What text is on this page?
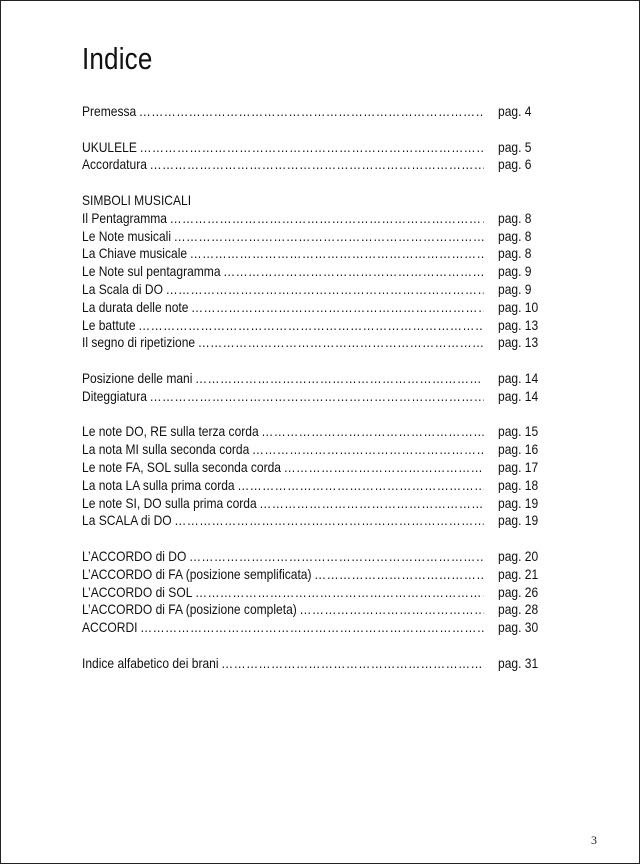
Indice
Premessa ……………………………………………………………………………………………………………………………	pag. 4
UKULELE ……………………………………………………………………………………………………………………………	pag. 5
Accordatura ……………………………………………………………………………………………………………………………	pag. 6
SIMBOLI MUSICALI
Il Pentagramma ……………………………………………………………………………………………………………………………	pag. 8
Le Note musicali ……………………………………………………………………………………………………………………………	pag. 8
La Chiave musicale ……………………………………………………………………………………………………………………………	pag. 8
Le Note sul pentagramma ……………………………………………………………………………………………………………………………	pag. 9
La Scala di DO ……………………………………………………………………………………………………………………………	pag. 9
La durata delle note ……………………………………………………………………………………………………………………………	pag. 10
Le battute ……………………………………………………………………………………………………………………………	pag. 13
Il segno di ripetizione ……………………………………………………………………………………………………………………………	pag. 13
Posizione delle mani ……………………………………………………………………………………………………………………………	pag. 14
Diteggiatura ……………………………………………………………………………………………………………………………	pag. 14
Le note DO, RE sulla terza corda ……………………………………………………………………………………………………………………………	pag. 15
La nota MI sulla seconda corda ……………………………………………………………………………………………………………………………	pag. 16
Le note FA, SOL sulla seconda corda ……………………………………………………………………………………………………………………………	pag. 17
La nota LA sulla prima corda ……………………………………………………………………………………………………………………………	pag. 18
Le note SI, DO sulla prima corda ……………………………………………………………………………………………………………………………	pag. 19
La SCALA di DO ……………………………………………………………………………………………………………………………	pag. 19
L’ACCORDO di DO ……………………………………………………………………………………………………………………………	pag. 20
L’ACCORDO di FA (posizione semplificata) ……………………………………………………………………………………………………………………………	pag. 21
L’ACCORDO di SOL ……………………………………………………………………………………………………………………………	pag. 26
L’ACCORDO di FA (posizione completa) ……………………………………………………………………………………………………………………………	pag. 28
ACCORDI ……………………………………………………………………………………………………………………………	pag. 30
Indice alfabetico dei brani ……………………………………………………………………………………………………………………………	pag. 31
3
